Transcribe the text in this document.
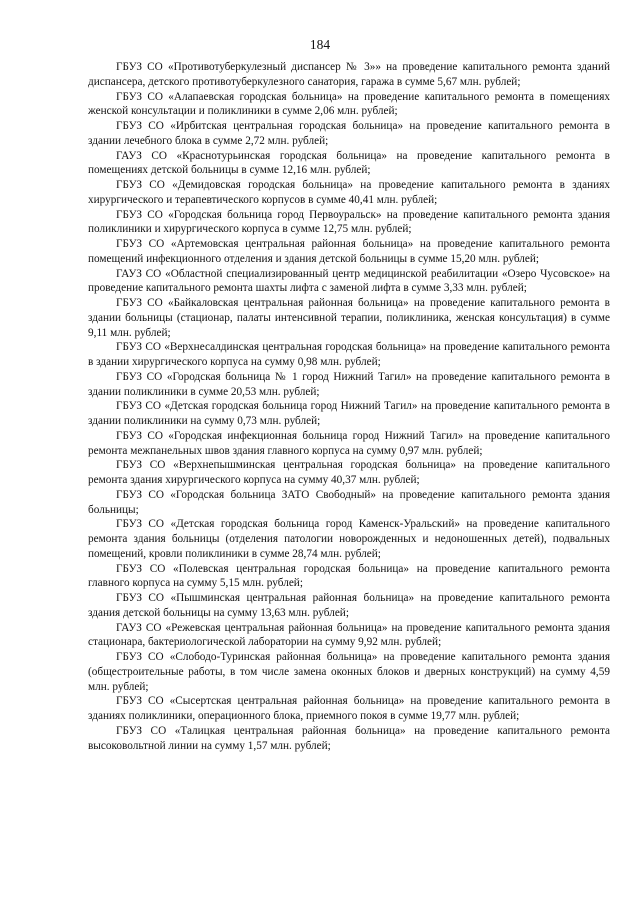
184

ГБУЗ СО «Противотуберкулезный диспансер № 3»» на проведение капитального ремонта зданий диспансера, детского противотуберкулезного санатория, гаража в сумме 5,67 млн. рублей;

ГБУЗ СО «Алапаевская городская больница» на проведение капитального ремонта в помещениях женской консультации и поликлиники в сумме 2,06 млн. рублей;

ГБУЗ СО «Ирбитская центральная городская больница» на проведение капитального ремонта в здании лечебного блока в сумме 2,72 млн. рублей;

ГАУЗ СО «Краснотурьинская городская больница» на проведение капитального ремонта в помещениях детской больницы в сумме 12,16 млн. рублей;

ГБУЗ СО «Демидовская городская больница» на проведение капитального ремонта в зданиях хирургического и терапевтического корпусов в сумме 40,41 млн. рублей;

ГБУЗ СО «Городская больница город Первоуральск» на проведение капитального ремонта здания поликлиники и хирургического корпуса в сумме 12,75 млн. рублей;

ГБУЗ СО «Артемовская центральная районная больница» на проведение капитального ремонта помещений инфекционного отделения и здания детской больницы в сумме 15,20 млн. рублей;

ГАУЗ СО «Областной специализированный центр медицинской реабилитации «Озеро Чусовское» на проведение капитального ремонта шахты лифта с заменой лифта в сумме 3,33 млн. рублей;

ГБУЗ СО «Байкаловская центральная районная больница» на проведение капитального ремонта в здании больницы (стационар, палаты интенсивной терапии, поликлиника, женская консультация) в сумме 9,11 млн. рублей;

ГБУЗ СО «Верхнесалдинская центральная городская больница» на проведение капитального ремонта в здании хирургического корпуса на сумму 0,98 млн. рублей;

ГБУЗ СО «Городская больница № 1 город Нижний Тагил» на проведение капитального ремонта в здании поликлиники в сумме 20,53 млн. рублей;

ГБУЗ СО «Детская городская больница город Нижний Тагил» на проведение капитального ремонта в здании поликлиники на сумму 0,73 млн. рублей;

ГБУЗ СО «Городская инфекционная больница город Нижний Тагил» на проведение капитального ремонта межпанельных швов здания главного корпуса на сумму 0,97 млн. рублей;

ГБУЗ СО «Верхнепышминская центральная городская больница» на проведение капитального ремонта здания хирургического корпуса на сумму 40,37 млн. рублей;

ГБУЗ СО «Городская больница ЗАТО Свободный» на проведение капитального ремонта здания больницы;

ГБУЗ СО «Детская городская больница город Каменск-Уральский» на проведение капитального ремонта здания больницы (отделения патологии новорожденных и недоношенных детей), подвальных помещений, кровли поликлиники в сумме 28,74 млн. рублей;

ГБУЗ СО «Полевская центральная городская больница» на проведение капитального ремонта главного корпуса на сумму 5,15 млн. рублей;

ГБУЗ СО «Пышминская центральная районная больница» на проведение капитального ремонта здания детской больницы на сумму 13,63 млн. рублей;

ГАУЗ СО «Режевская центральная районная больница» на проведение капитального ремонта здания стационара, бактериологической лаборатории на сумму 9,92 млн. рублей;

ГБУЗ СО «Слободо-Туринская районная больница» на проведение капитального ремонта здания (общестроительные работы, в том числе замена оконных блоков и дверных конструкций) на сумму 4,59 млн. рублей;

ГБУЗ СО «Сысертская центральная районная больница» на проведение капитального ремонта в зданиях поликлиники, операционного блока, приемного покоя в сумме 19,77 млн. рублей;

ГБУЗ СО «Талицкая центральная районная больница» на проведение капитального ремонта высоковольтной линии на сумму 1,57 млн. рублей;
